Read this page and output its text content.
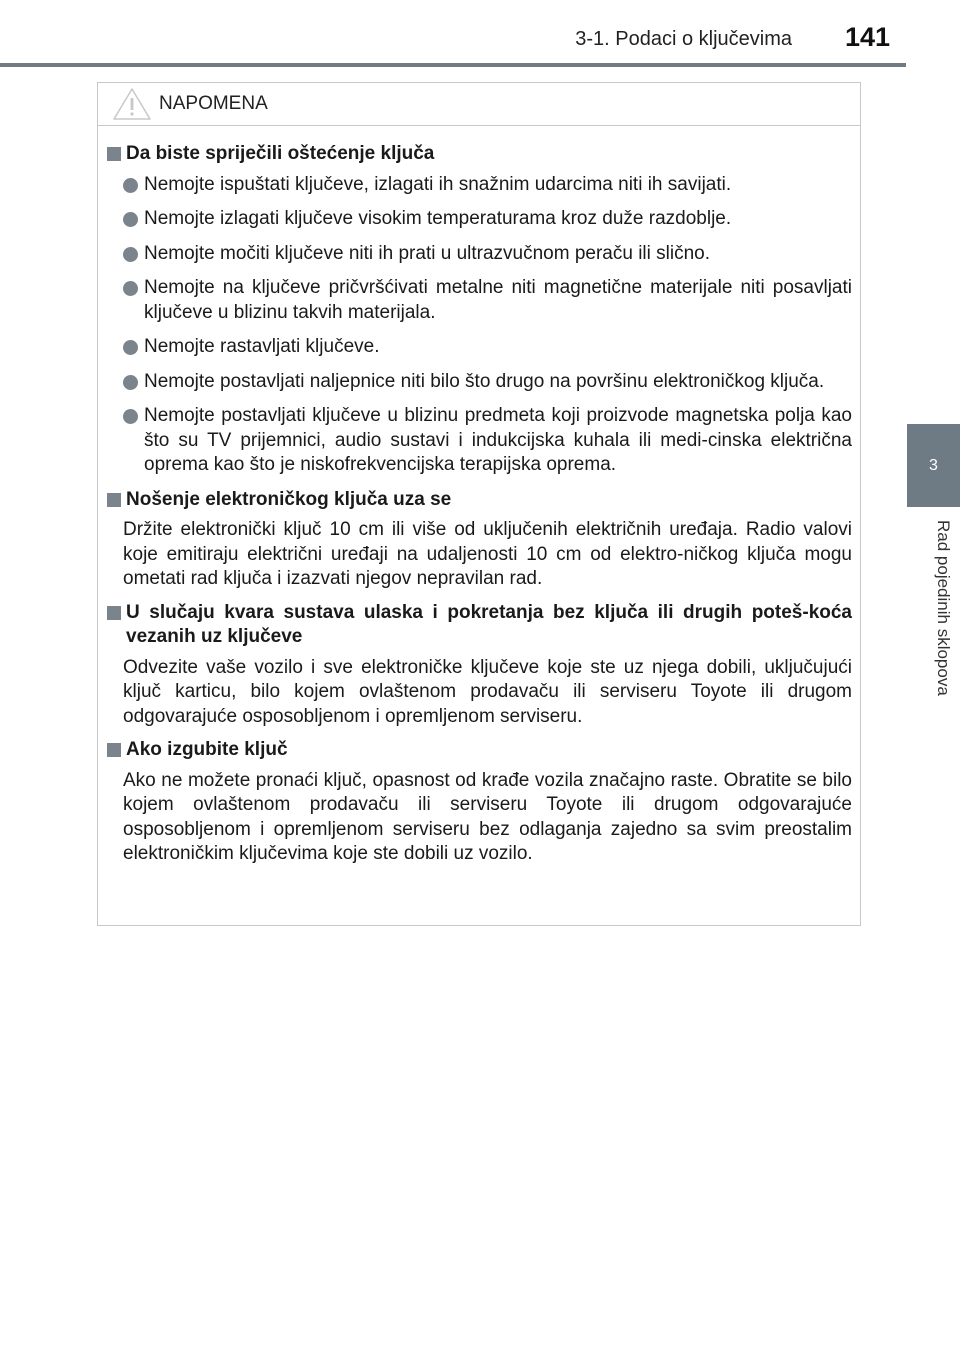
3-1. Podaci o ključevima	141
3
Rad pojedinih sklopova
NAPOMENA
Da biste spriječili oštećenje ključa
Nemojte ispuštati ključeve, izlagati ih snažnim udarcima niti ih savijati.
Nemojte izlagati ključeve visokim temperaturama kroz duže razdoblje.
Nemojte močiti ključeve niti ih prati u ultrazvučnom peraču ili slično.
Nemojte na ključeve pričvršćivati metalne niti magnetične materijale niti posavljati ključeve u blizinu takvih materijala.
Nemojte rastavljati ključeve.
Nemojte postavljati naljepnice niti bilo što drugo na površinu elektroničkog ključa.
Nemojte postavljati ključeve u blizinu predmeta koji proizvode magnetska polja kao što su TV prijemnici, audio sustavi i indukcijska kuhala ili medi-cinska električna oprema kao što je niskofrekvencijska terapijska oprema.
Nošenje elektroničkog ključa uza se
Držite elektronički ključ 10 cm ili više od uključenih električnih uređaja. Radio valovi koje emitiraju električni uređaji na udaljenosti 10 cm od elektro-ničkog ključa mogu ometati rad ključa i izazvati njegov nepravilan rad.
U slučaju kvara sustava ulaska i pokretanja bez ključa ili drugih poteš-koća vezanih uz ključeve
Odvezite vaše vozilo i sve elektroničke ključeve koje ste uz njega dobili, uključujući ključ karticu, bilo kojem ovlaštenom prodavaču ili serviseru Toyote ili drugom odgovarajuće osposobljenom i opremljenom serviseru.
Ako izgubite ključ
Ako ne možete pronaći ključ, opasnost od krađe vozila značajno raste. Obratite se bilo kojem ovlaštenom prodavaču ili serviseru Toyote ili drugom odgovarajuće osposobljenom i opremljenom serviseru bez odlaganja zajedno sa svim preostalim elektroničkim ključevima koje ste dobili uz vozilo.
